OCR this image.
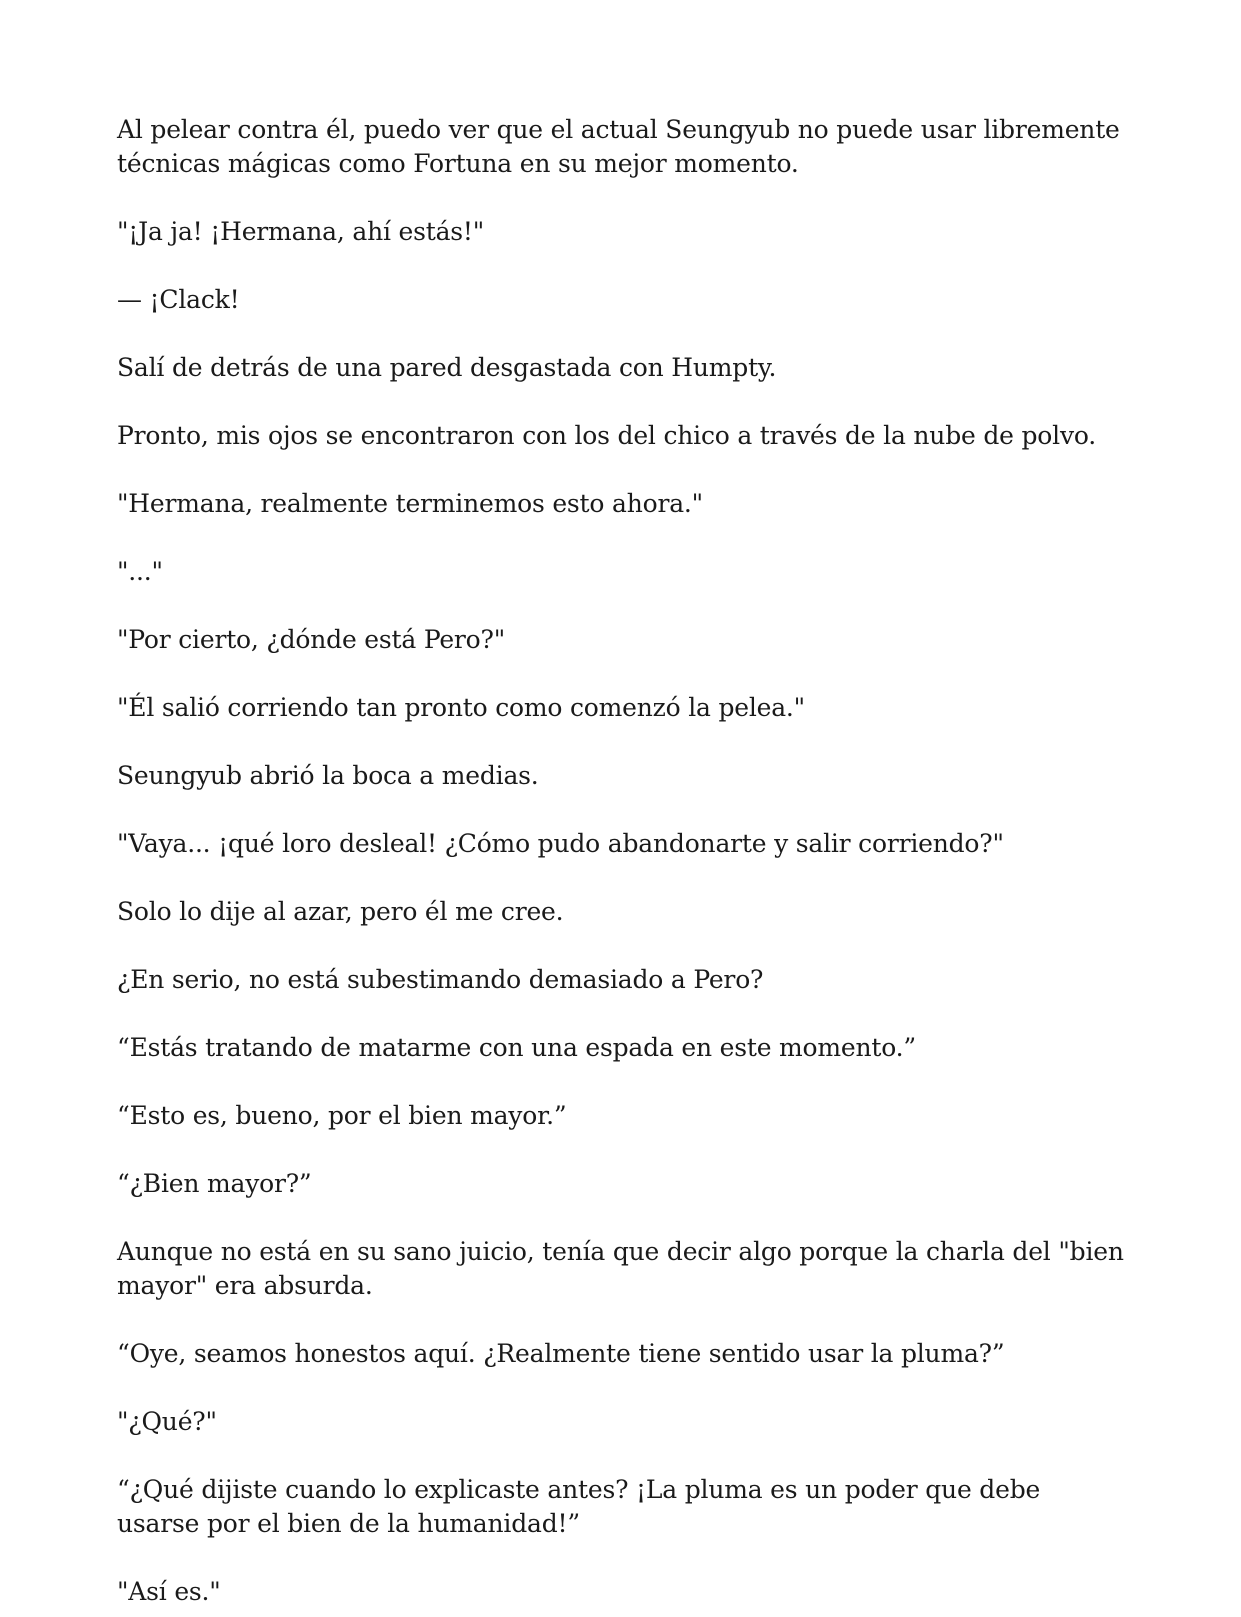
Al pelear contra él, puedo ver que el actual Seungyub no puede usar libremente técnicas mágicas como Fortuna en su mejor momento.

"¡Ja ja! ¡Hermana, ahí estás!"

— ¡Clack!

Salí de detrás de una pared desgastada con Humpty.

Pronto, mis ojos se encontraron con los del chico a través de la nube de polvo.

"Hermana, realmente terminemos esto ahora."

"..."

"Por cierto, ¿dónde está Pero?"

"Él salió corriendo tan pronto como comenzó la pelea."

Seungyub abrió la boca a medias.

"Vaya... ¡qué loro desleal! ¿Cómo pudo abandonarte y salir corriendo?"

Solo lo dije al azar, pero él me cree.

¿En serio, no está subestimando demasiado a Pero?

“Estás tratando de matarme con una espada en este momento.”

“Esto es, bueno, por el bien mayor.”

“¿Bien mayor?”

Aunque no está en su sano juicio, tenía que decir algo porque la charla del "bien mayor" era absurda.

“Oye, seamos honestos aquí. ¿Realmente tiene sentido usar la pluma?”

"¿Qué?"

“¿Qué dijiste cuando lo explicaste antes? ¡La pluma es un poder que debe usarse por el bien de la humanidad!”

"Así es."
